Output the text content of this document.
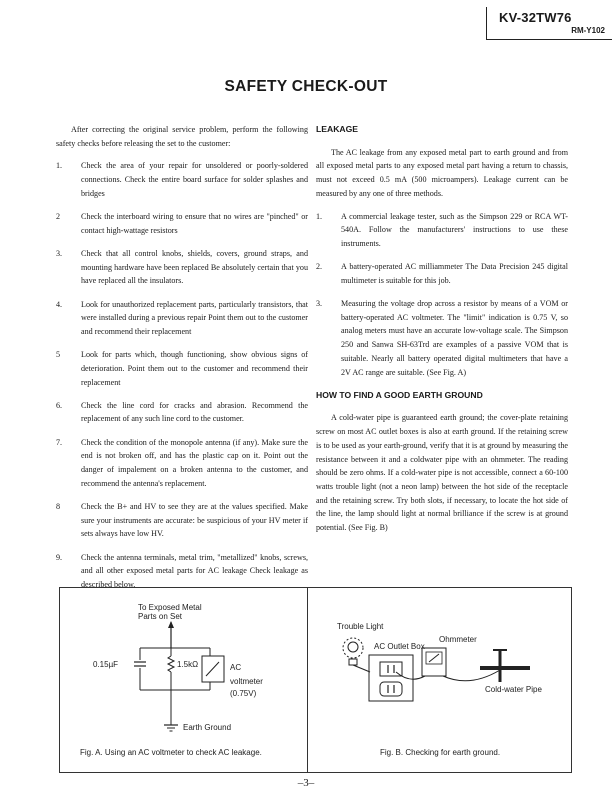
KV-32TW76
RM-Y102
SAFETY CHECK-OUT

After correcting the original service problem, perform the following safety checks before releasing the set to the customer:

1. Check the area of your repair for unsoldered or poorly-soldered connections. Check the entire board surface for solder splashes and bridges
2	Check the interboard wiring to ensure that no wires are "pinched" or contact high-wattage resistors
3. Check that all control knobs, shields, covers, ground straps, and mounting hardware have been replaced Be absolutely certain that you have replaced all the insulators.
4. Look for unauthorized replacement parts, particularly transistors, that were installed during a previous repair Point them out to the customer and recommend their replacement
5	Look for parts which, though functioning, show obvious signs of deterioration. Point them out to the customer and recommend their replacement
6. Check the line cord for cracks and abrasion. Recommend the replacement of any such line cord to the customer.
7. Check the condition of the monopole antenna (if any). Make sure the end is not broken off, and has the plastic cap on it. Point out the danger of impalement on a broken antenna to the customer, and recommend the antenna's replacement.
8	Check the B+ and HV to see they are at the values specified. Make sure your instruments are accurate: be suspicious of your HV meter if sets always have low HV.
9. Check the antenna terminals, metal trim, "metallized" knobs, screws, and all other exposed metal parts for AC leakage Check leakage as described below.
LEAKAGE

The AC leakage from any exposed metal part to earth ground and from all exposed metal parts to any exposed metal part having a return to chassis, must not exceed 0.5 mA (500 microampers). Leakage current can be measured by any one of three methods.

1. A commercial leakage tester, such as the Simpson 229 or RCA WT-540A. Follow the manufacturers' instructions to use these instruments.
2. A battery-operated AC milliammeter The Data Precision 245 digital multimeter is suitable for this job.
3. Measuring the voltage drop across a resistor by means of a VOM or battery-operated AC voltmeter. The "limit" indication is 0.75 V, so analog meters must have an accurate low-voltage scale. The Simpson 250 and Sanwa SH-63Trd are examples of a passive VOM that is suitable. Nearly all battery operated digital multimeters that have a 2V AC range are suitable. (See Fig. A)
HOW TO FIND A GOOD EARTH GROUND

A cold-water pipe is guaranteed earth ground; the cover-plate retaining screw on most AC outlet boxes is also at earth ground. If the retaining screw is to be used as your earth-ground, verify that it is at ground by measuring the resistance between it and a coldwater pipe with an ohmmeter. The reading should be zero ohms. If a cold-water pipe is not accessible, connect a 60-100 watts trouble light (not a neon lamp) between the hot side of the receptacle and the retaining screw. Try both slots, if necessary, to locate the hot side of the line, the lamp should light at normal brilliance if the screw is at ground potential. (See Fig. B)

To Exposed Metal
Parts on Set
0.15µF	1.5kΩ	AC
voltmeter
(0.75V)
Earth Ground
Fig. A. Using an AC voltmeter to check AC leakage.
Trouble Light
AC Outlet Box
Ohmmeter
Cold-water Pipe
Fig. B. Checking for earth ground.
–3–
